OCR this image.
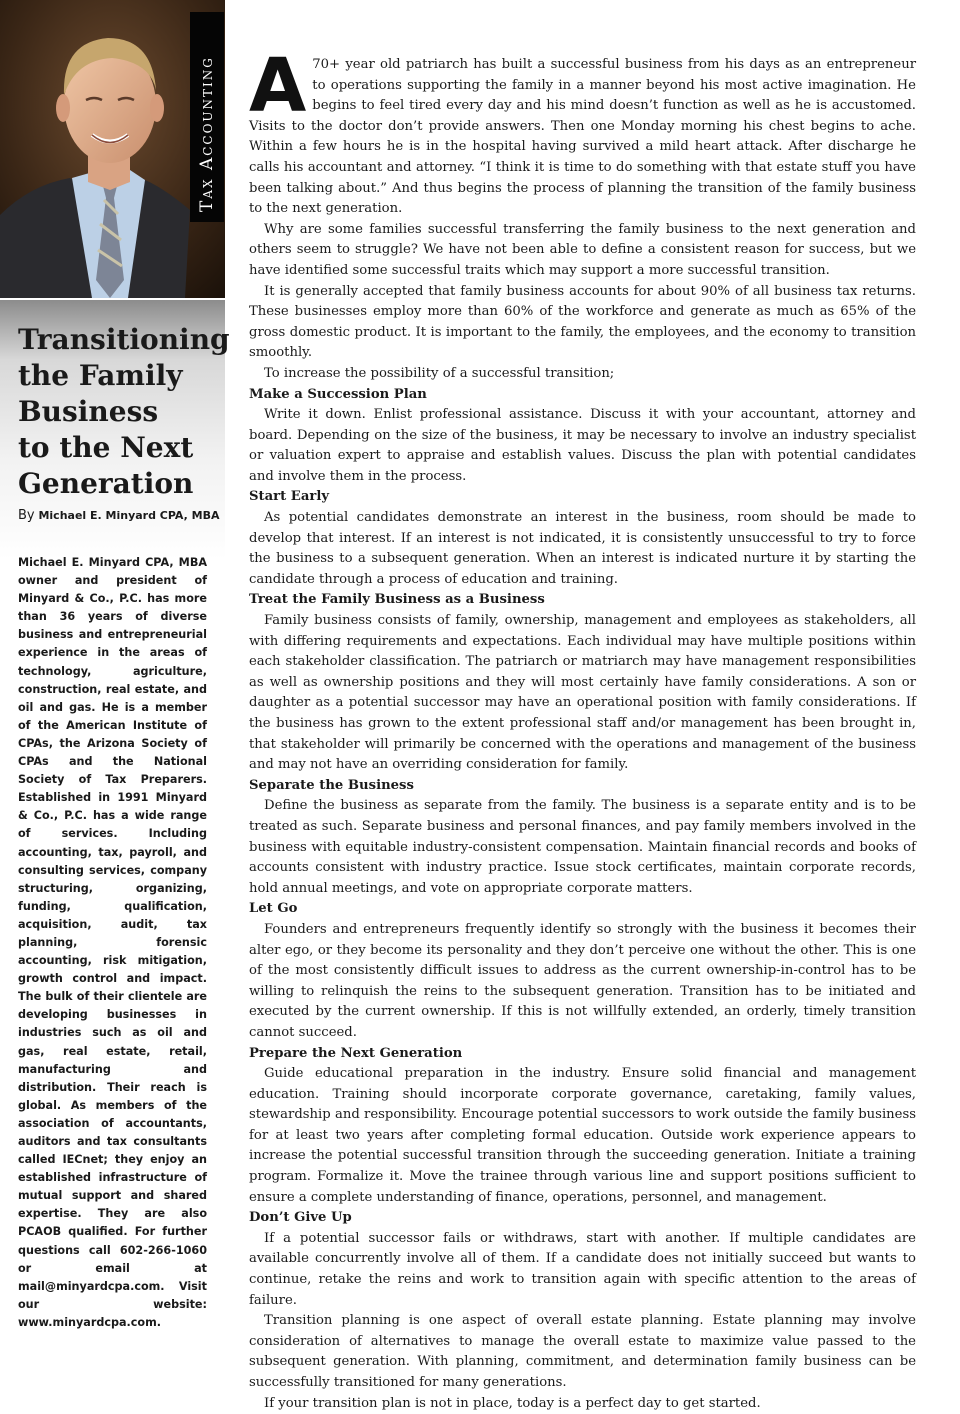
Transitioning
the Family
Business
to the Next
Generation
By Michael E. Minyard CPA, MBA

Michael E. Minyard CPA, MBA owner and president of Minyard & Co., P.C. has more than 36 years of diverse business and entrepreneurial experience in the areas of technology, agriculture, construction, real estate, and oil and gas. He is a member of the American Institute of CPAs, the Arizona Society of CPAs and the National Society of Tax Preparers. Established in 1991 Minyard & Co., P.C. has a wide range of services. Including accounting, tax, payroll, and consulting services, company structuring, organizing, funding, qualification, acquisition, audit, tax planning, forensic accounting, risk mitigation, growth control and impact. The bulk of their clientele are developing businesses in industries such as oil and gas, real estate, retail, manufacturing and distribution. Their reach is global. As members of the association of accountants, auditors and tax consultants called IECnet; they enjoy an established infrastructure of mutual support and shared expertise. They are also PCAOB qualified. For further questions call 602-266-1060 or email at mail@minyardcpa.com. Visit our website: www.minyardcpa.com.

Tax Accounting A 70+ year old patriarch has built a successful business from his days as an entrepreneur to operations supporting the family in a manner beyond his most active imagination. He begins to feel tired every day and his mind doesn’t function as well as he is accustomed. Visits to the doctor don’t provide answers. Then one Monday morning his chest begins to ache. Within a few hours he is in the hospital having survived a mild heart attack. After discharge he calls his accountant and attorney. “I think it is time to do something with that estate stuff you have been talking about.” And thus begins the process of planning the transition of the family business to the next generation.

Why are some families successful transferring the family business to the next generation and others seem to struggle? We have not been able to define a consistent reason for success, but we have identified some successful traits which may support a more successful transition.

It is generally accepted that family business accounts for about 90% of all business tax returns. These businesses employ more than 60% of the workforce and generate as much as 65% of the gross domestic product. It is important to the family, the employees, and the economy to transition smoothly.

To increase the possibility of a successful transition;

Make a Succession Plan

Write it down. Enlist professional assistance. Discuss it with your accountant, attorney and board. Depending on the size of the business, it may be necessary to involve an industry specialist or valuation expert to appraise and establish values. Discuss the plan with potential candidates and involve them in the process.

Start Early

As potential candidates demonstrate an interest in the business, room should be made to develop that interest. If an interest is not indicated, it is consistently unsuccessful to try to force the business to a subsequent generation. When an interest is indicated nurture it by starting the candidate through a process of education and training.

Treat the Family Business as a Business

Family business consists of family, ownership, management and employees as stakeholders, all with differing requirements and expectations. Each individual may have multiple positions within each stakeholder classification. The patriarch or matriarch may have management responsibilities as well as ownership positions and they will most certainly have family considerations. A son or daughter as a potential successor may have an operational position with family considerations. If the business has grown to the extent professional staff and/or management has been brought in, that stakeholder will primarily be concerned with the operations and management of the business and may not have an overriding consideration for family.

Separate the Business

Define the business as separate from the family. The business is a separate entity and is to be treated as such. Separate business and personal finances, and pay family members involved in the business with equitable industry-consistent compensation. Maintain financial records and books of accounts consistent with industry practice. Issue stock certificates, maintain corporate records, hold annual meetings, and vote on appropriate corporate matters.

Let Go

Founders and entrepreneurs frequently identify so strongly with the business it becomes their alter ego, or they become its personality and they don’t perceive one without the other. This is one of the most consistently difficult issues to address as the current ownership-in-control has to be willing to relinquish the reins to the subsequent generation. Transition has to be initiated and executed by the current ownership. If this is not willfully extended, an orderly, timely transition cannot succeed.

Prepare the Next Generation

Guide educational preparation in the industry. Ensure solid financial and management education. Training should incorporate corporate governance, caretaking, family values, stewardship and responsibility. Encourage potential successors to work outside the family business for at least two years after completing formal education. Outside work experience appears to increase the potential successful transition through the succeeding generation. Initiate a training program. Formalize it. Move the trainee through various line and support positions sufficient to ensure a complete understanding of finance, operations, personnel, and management.

Don’t Give Up

If a potential successor fails or withdraws, start with another. If multiple candidates are available concurrently involve all of them. If a candidate does not initially succeed but wants to continue, retake the reins and work to transition again with specific attention to the areas of failure.

Transition planning is one aspect of overall estate planning. Estate planning may involve consideration of alternatives to manage the overall estate to maximize value passed to the subsequent generation. With planning, commitment, and determination family business can be successfully transitioned for many generations.

If your transition plan is not in place, today is a perfect day to get started.
